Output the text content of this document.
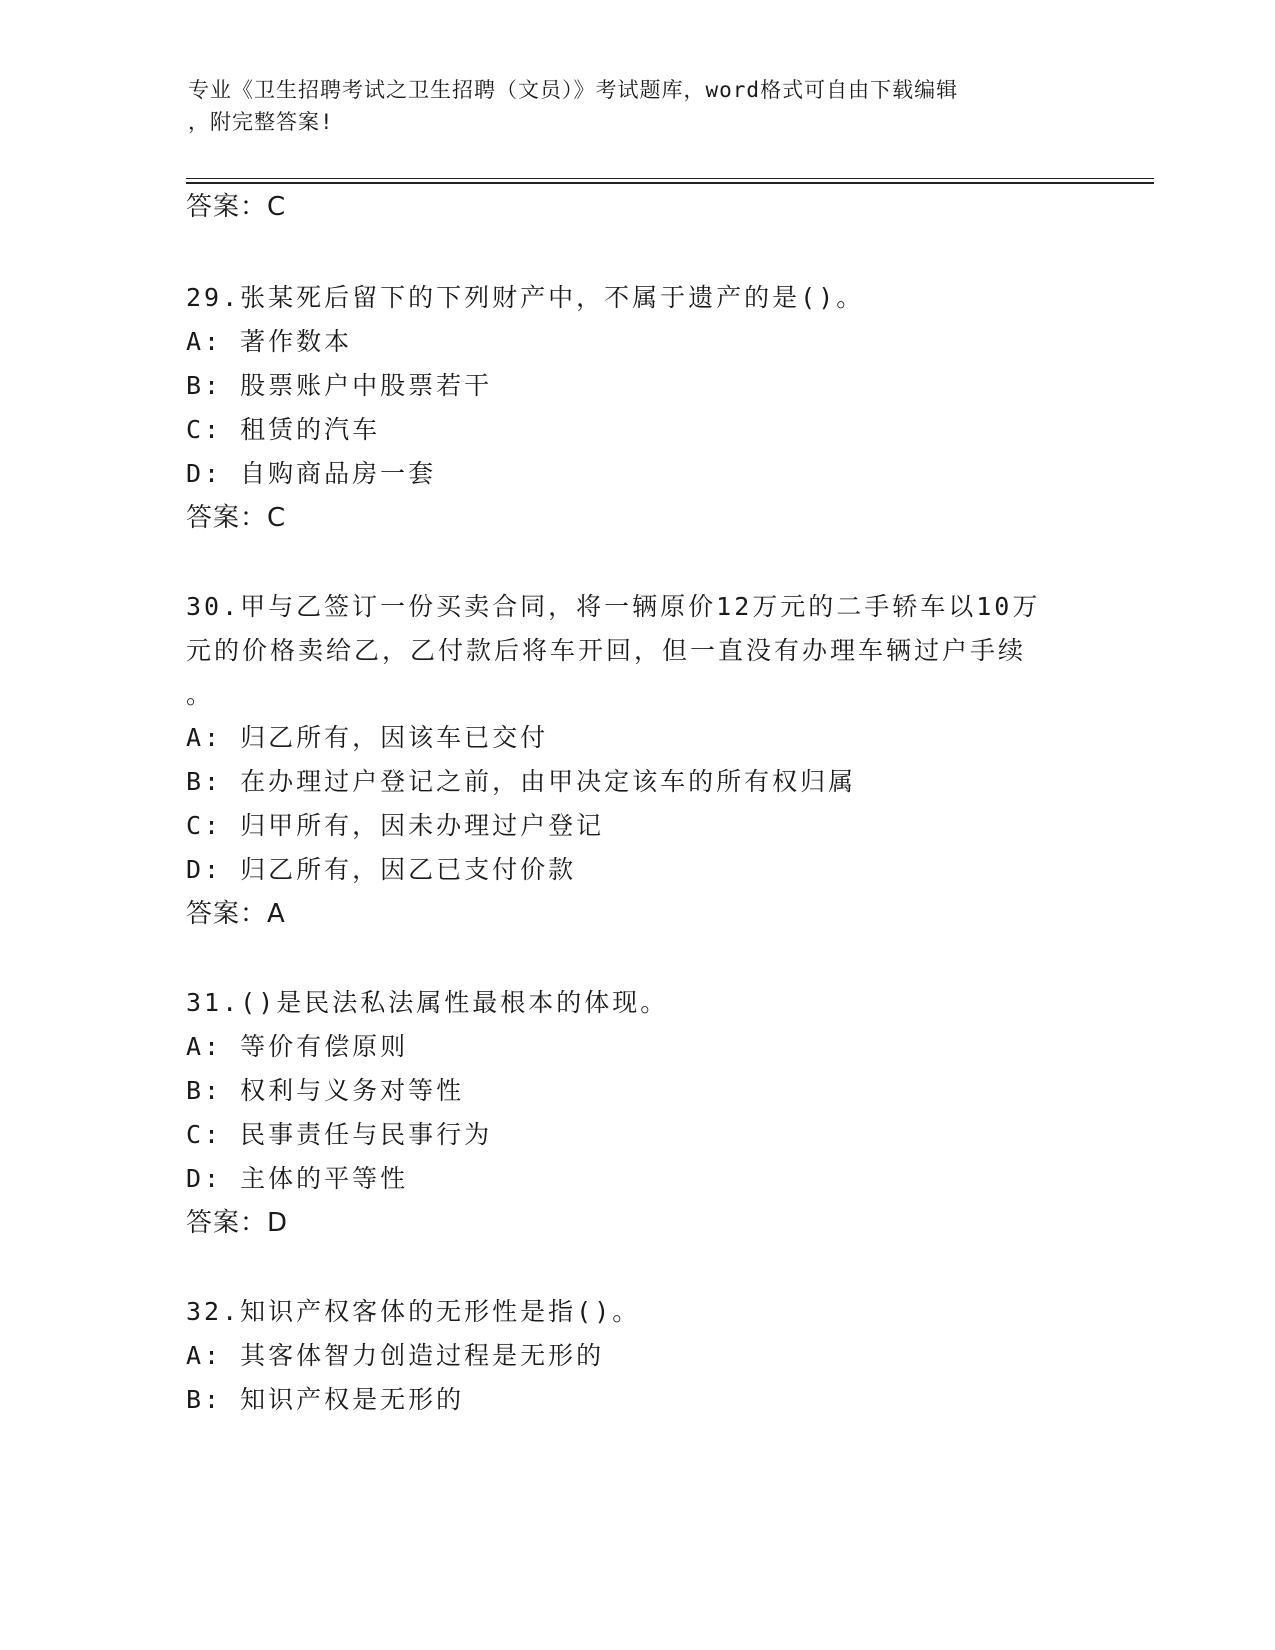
专业《卫生招聘考试之卫生招聘（文员）》考试题库，word格式可自由下载编辑
，附完整答案!
答案：C
29.张某死后留下的下列财产中，不属于遗产的是()。
A: 著作数本
B: 股票账户中股票若干
C: 租赁的汽车
D: 自购商品房一套
答案：C
30.甲与乙签订一份买卖合同，将一辆原价12万元的二手轿车以10万
元的价格卖给乙，乙付款后将车开回，但一直没有办理车辆过户手续
。
A: 归乙所有，因该车已交付
B: 在办理过户登记之前，由甲决定该车的所有权归属
C: 归甲所有，因未办理过户登记
D: 归乙所有，因乙已支付价款
答案：A
31.()是民法私法属性最根本的体现。
A: 等价有偿原则
B: 权利与义务对等性
C: 民事责任与民事行为
D: 主体的平等性
答案：D
32.知识产权客体的无形性是指()。
A: 其客体智力创造过程是无形的
B: 知识产权是无形的
